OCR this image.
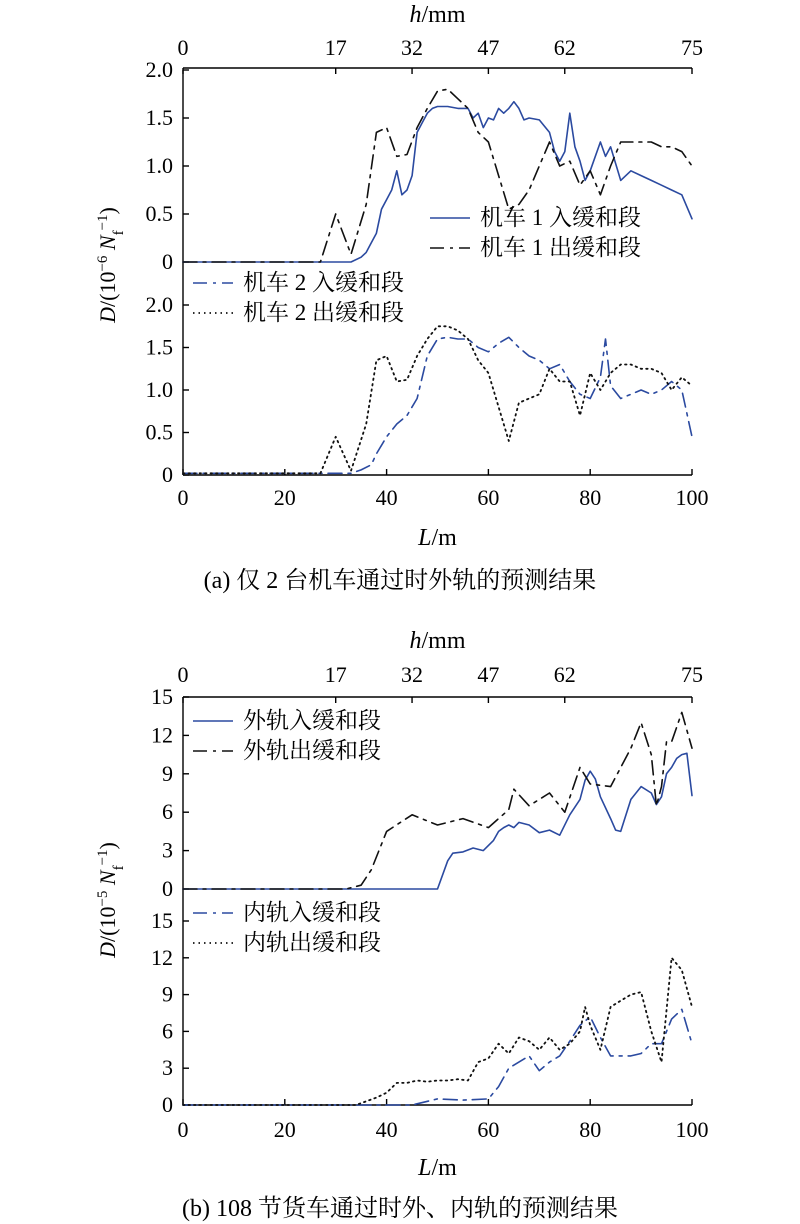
h/mm
0	17 32 47 62	75
0	20	40	60	80	100
L/m
$D/(10^{-6}$ $N_f^{-1}$)
0
0.5
1.0
1.5
2.0
机车 1 入缓和段
机车 1 出缓和段
0
0.5
1.0
1.5
2.0
机车 2 入缓和段
机车 2 出缓和段
h/mm
0	17 32 47 62	75
0	20	40	60	80	100
L/m
$D/(10^{-5}$ $N_f^{-1}$)
0
3
6
9
12
15
外轨入缓和段
外轨出缓和段
0
3
6
9
12
15	内轨入缓和段
内轨出缓和段
(a) 仅 2 台机车通过时外轨的预测结果
(b) 108 节货车通过时外、内轨的预测结果
